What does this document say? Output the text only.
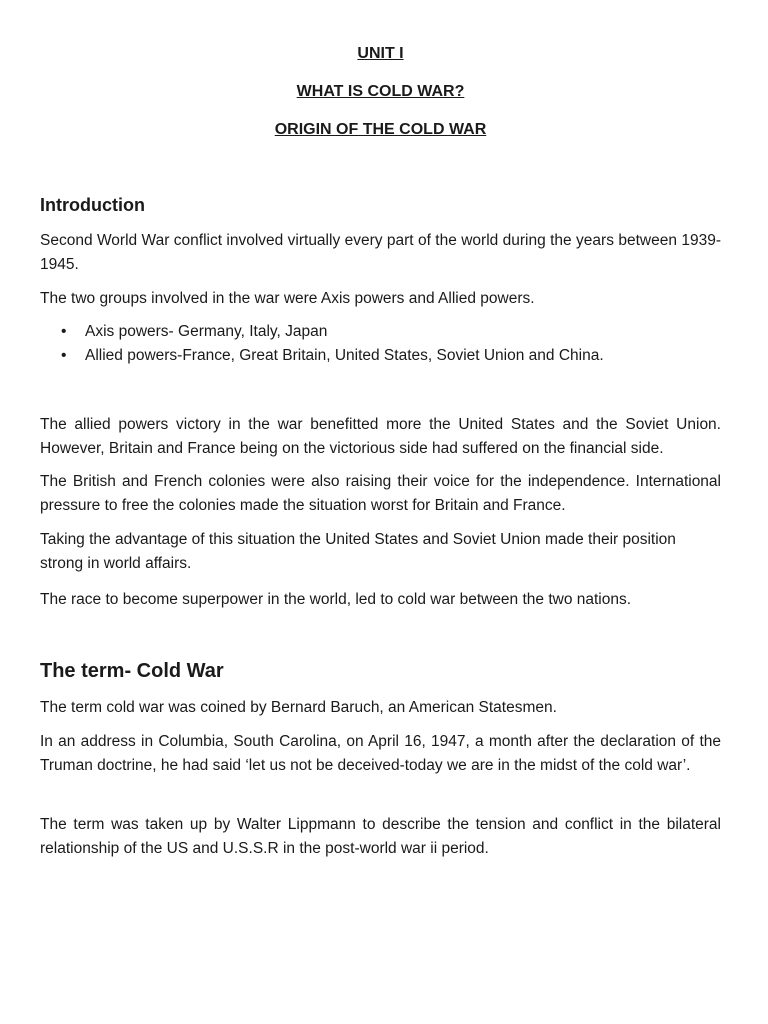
UNIT I

WHAT IS COLD WAR?

ORIGIN OF THE COLD WAR

Introduction

Second World War conflict involved virtually every part of the world during the years between 1939-1945.

The two groups involved in the war were Axis powers and Allied powers.

• Axis powers- Germany, Italy, Japan
• Allied powers-France, Great Britain, United States, Soviet Union and China.

The allied powers victory in the war benefitted more the United States and the Soviet Union. However, Britain and France being on the victorious side had suffered on the financial side.

The British and French colonies were also raising their voice for the independence. International pressure to free the colonies made the situation worst for Britain and France.

Taking the advantage of this situation the United States and Soviet Union made their position strong in world affairs.

The race to become superpower in the world, led to cold war between the two nations.

The term- Cold War

The term cold war was coined by Bernard Baruch, an American Statesmen.

In an address in Columbia, South Carolina, on April 16, 1947, a month after the declaration of the Truman doctrine, he had said ‘let us not be deceived-today we are in the midst of the cold war’.

The term was taken up by Walter Lippmann to describe the tension and conflict in the bilateral relationship of the US and U.S.S.R in the post-world war ii period.
